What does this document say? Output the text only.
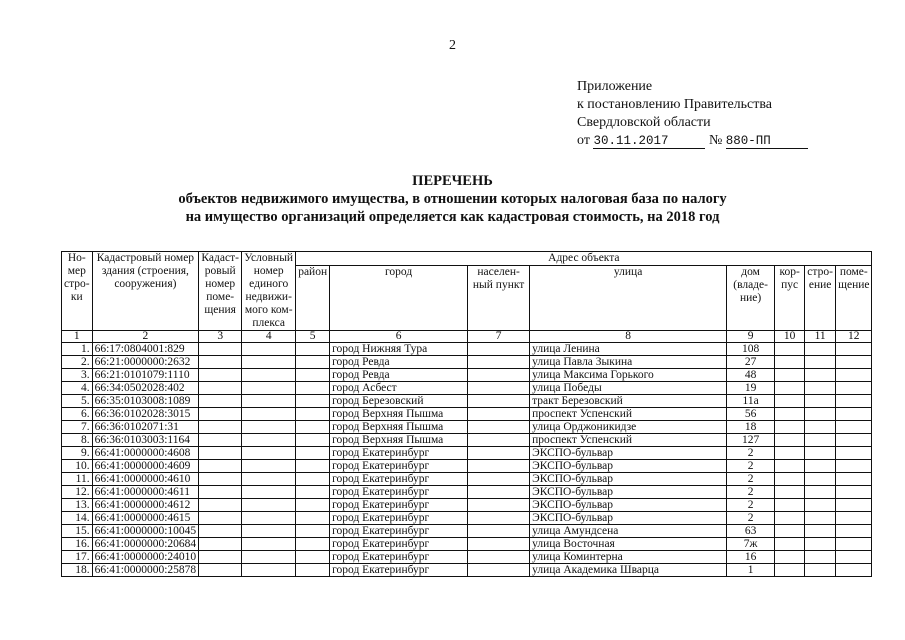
2
Приложение
к постановлению Правительства
Свердловской области
от 30.11.2017	№ 880-ПП
ПЕРЕЧЕНЬ
объектов недвижимого имущества, в отношении которых налоговая база по налогу
на имущество организаций определяется как кадастровая стоимость, на 2018 год
Но-мер стро-ки	Кадастровый номер здания (строения, сооружения)	Кадаст-ровый номер поме-щения	Условный номер единого недвижи-мого ком-плекса	Адрес объекта							
				район	город	населен-ный пункт	улица	дом (владе-ние)	кор-пус	стро-ение	поме-щение
1	2	3	4	5	6	7	8	9	10	11	12
1.	66:17:0804001:829				город Нижняя Тура		улица Ленина	108			
2.	66:21:0000000:2632				город Ревда		улица Павла Зыкина	27			
3.	66:21:0101079:1110				город Ревда		улица Максима Горького	48			
4.	66:34:0502028:402				город Асбест		улица Победы	19			
5.	66:35:0103008:1089				город Березовский		тракт Березовский	11а			
6.	66:36:0102028:3015				город Верхняя Пышма		проспект Успенский	56			
7.	66:36:0102071:31				город Верхняя Пышма		улица Орджоникидзе	18			
8.	66:36:0103003:1164				город Верхняя Пышма		проспект Успенский	127			
9.	66:41:0000000:4608				город Екатеринбург		ЭКСПО-бульвар	2			
10.	66:41:0000000:4609				город Екатеринбург		ЭКСПО-бульвар	2			
11.	66:41:0000000:4610				город Екатеринбург		ЭКСПО-бульвар	2			
12.	66:41:0000000:4611				город Екатеринбург		ЭКСПО-бульвар	2			
13.	66:41:0000000:4612				город Екатеринбург		ЭКСПО-бульвар	2			
14.	66:41:0000000:4615				город Екатеринбург		ЭКСПО-бульвар	2			
15.	66:41:0000000:10045				город Екатеринбург		улица Амундсена	63			
16.	66:41:0000000:20684				город Екатеринбург		улица Восточная	7ж			
17.	66:41:0000000:24010				город Екатеринбург		улица Коминтерна	16			
18.	66:41:0000000:25878				город Екатеринбург		улица Академика Шварца	1			
